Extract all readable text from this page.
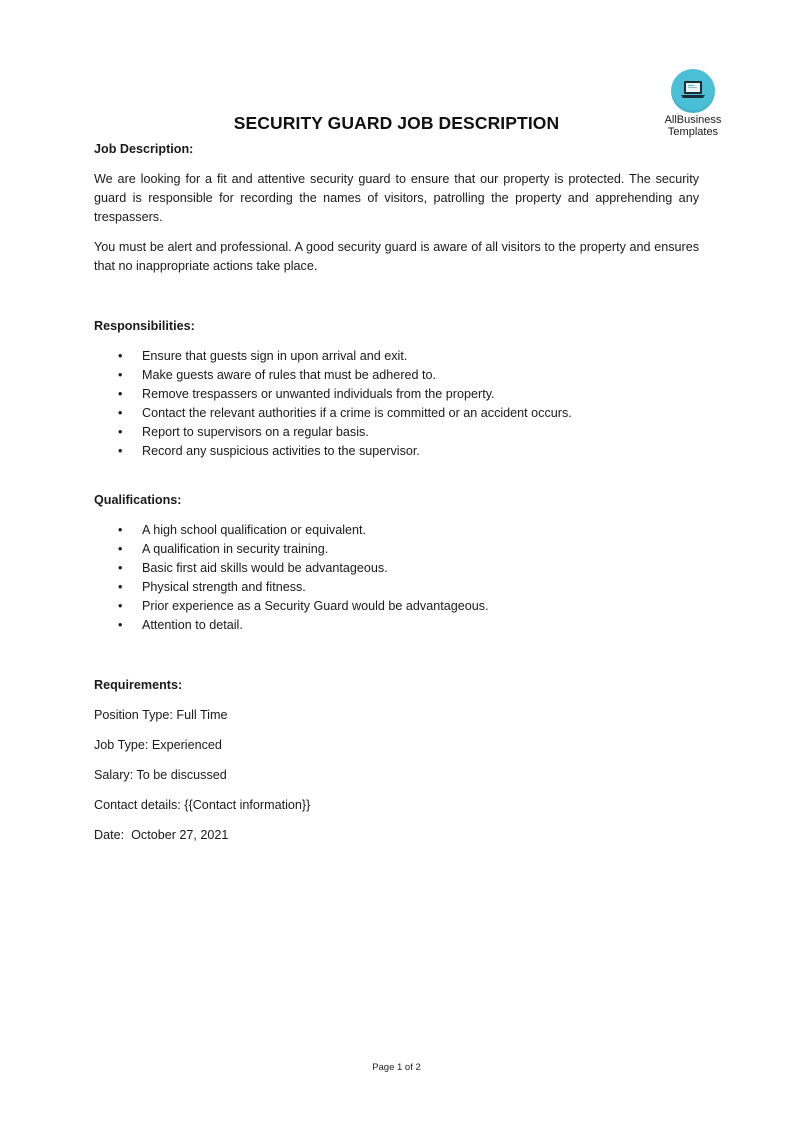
AllBusiness
Templates
SECURITY GUARD JOB DESCRIPTION

Job Description:

We are looking for a fit and attentive security guard to ensure that our property is protected. The security guard is responsible for recording the names of visitors, patrolling the property and apprehending any trespassers.

You must be alert and professional. A good security guard is aware of all visitors to the property and ensures that no inappropriate actions take place.

Responsibilities:

• Ensure that guests sign in upon arrival and exit.
• Make guests aware of rules that must be adhered to.
• Remove trespassers or unwanted individuals from the property.
• Contact the relevant authorities if a crime is committed or an accident occurs.
• Report to supervisors on a regular basis.
• Record any suspicious activities to the supervisor.

Qualifications:

• A high school qualification or equivalent.
• A qualification in security training.
• Basic first aid skills would be advantageous.
• Physical strength and fitness.
• Prior experience as a Security Guard would be advantageous.
• Attention to detail.

Requirements:

Position Type: Full Time

Job Type: Experienced

Salary: To be discussed

Contact details: {{Contact information}}

Date:  October 27, 2021

Page 1 of 2
